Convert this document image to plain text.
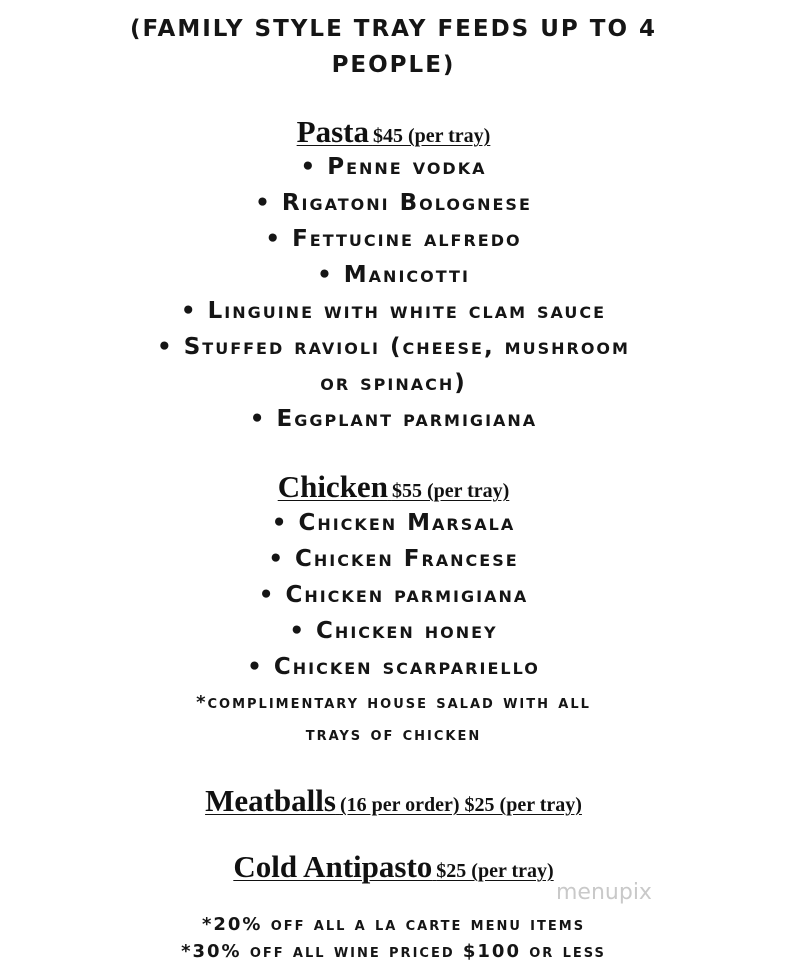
(FAMILY STYLE TRAY FEEDS UP TO 4
PEOPLE)
Pasta $45 (per tray)
• Penne vodka
• Rigatoni Bolognese
• Fettucine alfredo
• Manicotti
• Linguine with white clam sauce
• Stuffed ravioli (cheese, mushroom
or spinach)
• Eggplant parmigiana
Chicken $55 (per tray)
• Chicken Marsala
• Chicken Francese
• Chicken parmigiana
• Chicken honey
• Chicken scarpariello
*complimentary house salad with all
trays of chicken
Meatballs (16 per order) $25 (per tray)
Cold Antipasto $25 (per tray)
*20% off all a la carte menu items
*30% off all wine priced $100 or less
menupix
